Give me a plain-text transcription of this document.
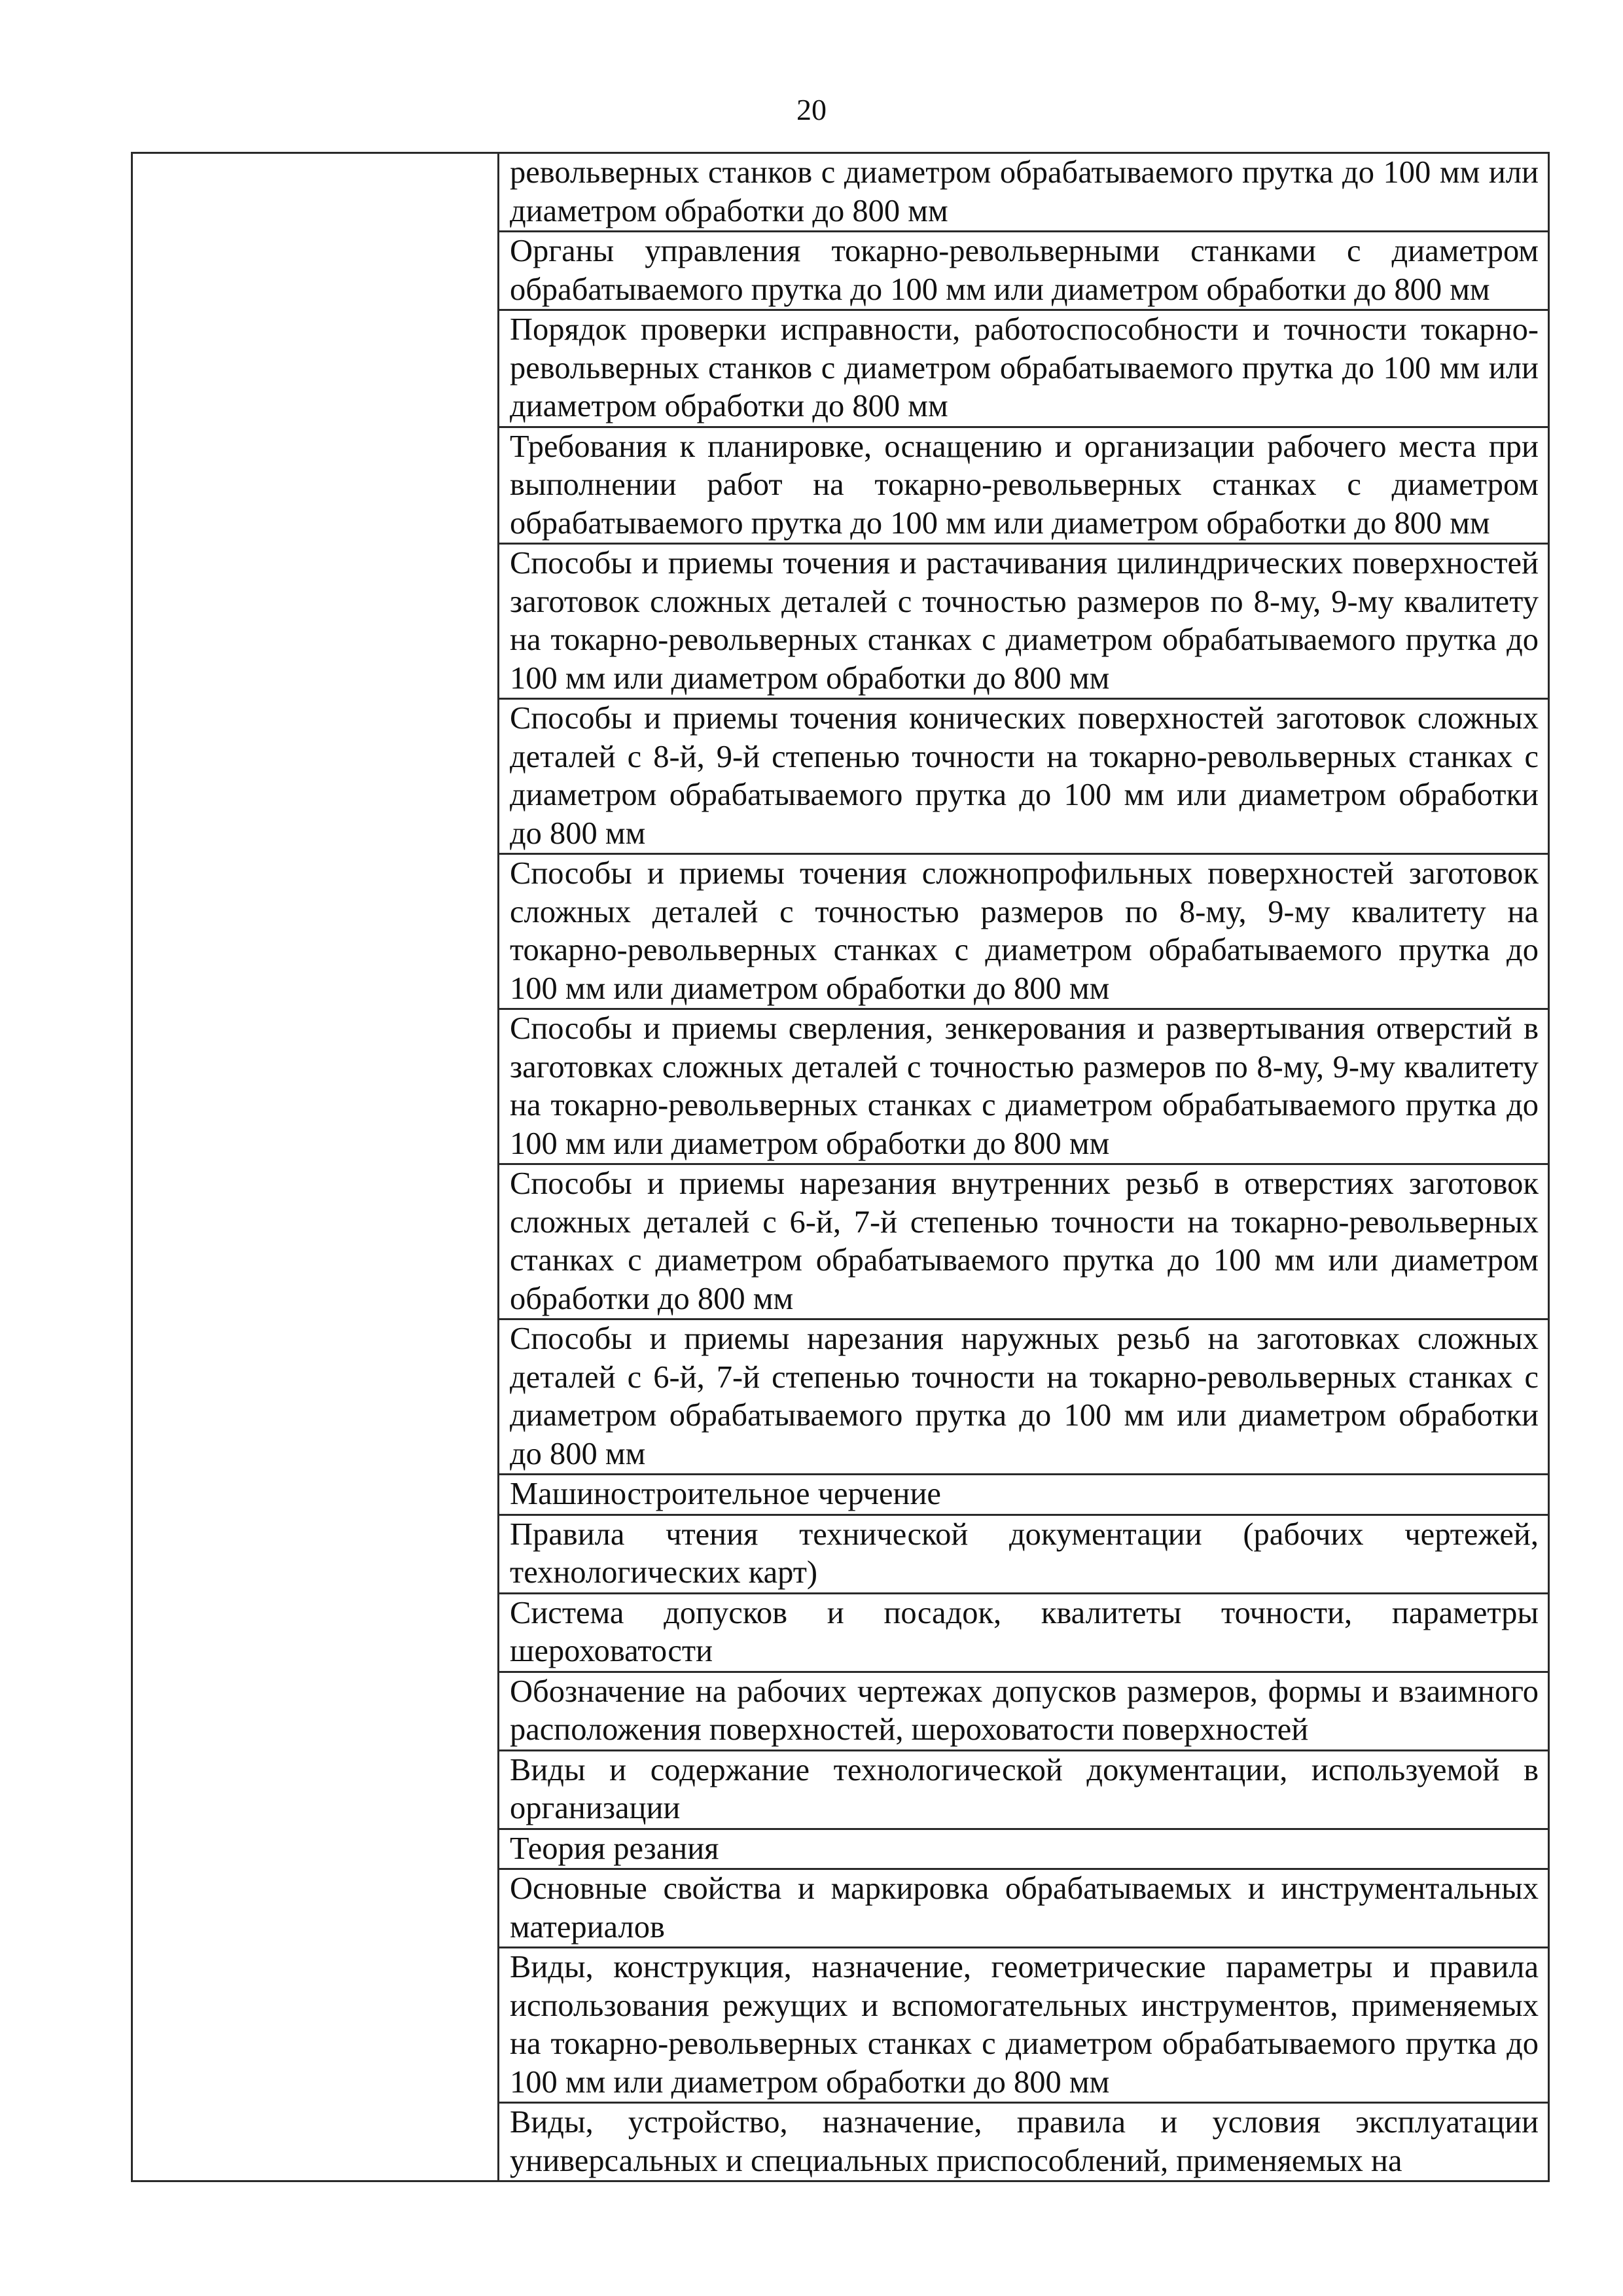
20

револьверных станков с диаметром обрабатываемого прутка до 100 мм или диаметром обработки до 800 мм

Органы управления токарно-револьверными станками с диаметром обрабатываемого прутка до 100 мм или диаметром обработки до 800 мм

Порядок проверки исправности, работоспособности и точности токарно-револьверных станков с диаметром обрабатываемого прутка до 100 мм или диаметром обработки до 800 мм

Требования к планировке, оснащению и организации рабочего места при выполнении работ на токарно-револьверных станках с диаметром обрабатываемого прутка до 100 мм или диаметром обработки до 800 мм

Способы и приемы точения и растачивания цилиндрических поверхностей заготовок сложных деталей с точностью размеров по 8-му, 9-му квалитету на токарно-револьверных станках с диаметром обрабатываемого прутка до 100 мм или диаметром обработки до 800 мм

Способы и приемы точения конических поверхностей заготовок сложных деталей с 8-й, 9-й степенью точности на токарно-револьверных станках с диаметром обрабатываемого прутка до 100 мм или диаметром обработки до 800 мм

Способы и приемы точения сложнопрофильных поверхностей заготовок сложных деталей с точностью размеров по 8-му, 9-му квалитету на токарно-револьверных станках с диаметром обрабатываемого прутка до 100 мм или диаметром обработки до 800 мм

Способы и приемы сверления, зенкерования и развертывания отверстий в заготовках сложных деталей с точностью размеров по 8-му, 9-му квалитету на токарно-револьверных станках с диаметром обрабатываемого прутка до 100 мм или диаметром обработки до 800 мм

Способы и приемы нарезания внутренних резьб в отверстиях заготовок сложных деталей с 6-й, 7-й степенью точности на токарно-револьверных станках с диаметром обрабатываемого прутка до 100 мм или диаметром обработки до 800 мм

Способы и приемы нарезания наружных резьб на заготовках сложных деталей с 6-й, 7-й степенью точности на токарно-револьверных станках с диаметром обрабатываемого прутка до 100 мм или диаметром обработки до 800 мм

Машиностроительное черчение

Правила чтения технической документации (рабочих чертежей, технологических карт)

Система допусков и посадок, квалитеты точности, параметры шероховатости

Обозначение на рабочих чертежах допусков размеров, формы и взаимного расположения поверхностей, шероховатости поверхностей

Виды и содержание технологической документации, используемой в организации

Теория резания

Основные свойства и маркировка обрабатываемых и инструментальных материалов

Виды, конструкция, назначение, геометрические параметры и правила использования режущих и вспомогательных инструментов, применяемых на токарно-револьверных станках с диаметром обрабатываемого прутка до 100 мм или диаметром обработки до 800 мм

Виды, устройство, назначение, правила и условия эксплуатации универсальных и специальных приспособлений, применяемых на
